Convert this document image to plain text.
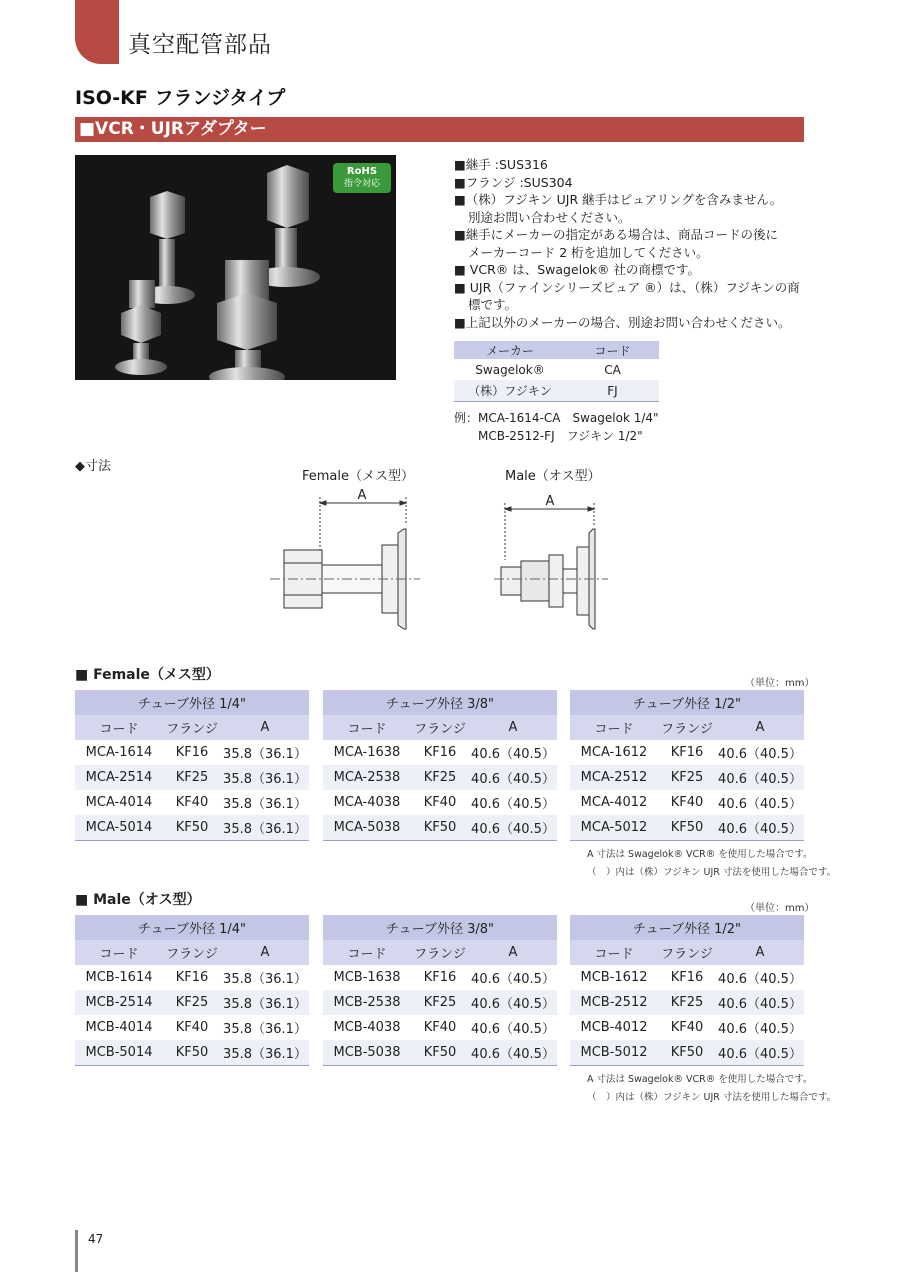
真空配管部品
ISO-KF フランジタイプ
■VCR・UJRアダプター
RoHS
指令対応
■継手 :SUS316
■フランジ :SUS304
■（株）フジキン UJR 継手はピュアリングを含みません。
別途お問い合わせください。
■継手にメーカーの指定がある場合は、商品コードの後に
メーカーコード 2 桁を追加してください。
■ VCR® は、Swagelok® 社の商標です。
■ UJR（ファインシリーズピュア ®）は、（株）フジキンの商
標です。
■上記以外のメーカーの場合、別途お問い合わせください。
メーカー	コード
Swagelok®	CA
（株）フジキン	FJ
例：MCA-1614-CA　Swagelok 1/4"
MCB-2512-FJ　フジキン 1/2"
◆寸法
Female（メス型）	Male（オス型）
A	A
■ Female（メス型）
（単位：mm）
チューブ外径 1/4"		
コード	フランジ	A
MCA-1614	KF16	35.8（36.1）
MCA-2514	KF25	35.8（36.1）
MCA-4014	KF40	35.8（36.1）
MCA-5014	KF50	35.8（36.1）
チューブ外径 3/8"		
コード	フランジ	A
MCA-1638	KF16	40.6（40.5）
MCA-2538	KF25	40.6（40.5）
MCA-4038	KF40	40.6（40.5）
MCA-5038	KF50	40.6（40.5）
チューブ外径 1/2"		
コード	フランジ	A
MCA-1612	KF16	40.6（40.5）
MCA-2512	KF25	40.6（40.5）
MCA-4012	KF40	40.6（40.5）
MCA-5012	KF50	40.6（40.5）
A 寸法は Swagelok® VCR® を使用した場合です。
（　）内は（株）フジキン UJR 寸法を使用した場合です。
■ Male（オス型）
（単位：mm）
チューブ外径 1/4"		
コード	フランジ	A
MCB-1614	KF16	35.8（36.1）
MCB-2514	KF25	35.8（36.1）
MCB-4014	KF40	35.8（36.1）
MCB-5014	KF50	35.8（36.1）
チューブ外径 3/8"		
コード	フランジ	A
MCB-1638	KF16	40.6（40.5）
MCB-2538	KF25	40.6（40.5）
MCB-4038	KF40	40.6（40.5）
MCB-5038	KF50	40.6（40.5）
チューブ外径 1/2"		
コード	フランジ	A
MCB-1612	KF16	40.6（40.5）
MCB-2512	KF25	40.6（40.5）
MCB-4012	KF40	40.6（40.5）
MCB-5012	KF50	40.6（40.5）
A 寸法は Swagelok® VCR® を使用した場合です。
（　）内は（株）フジキン UJR 寸法を使用した場合です。
47
